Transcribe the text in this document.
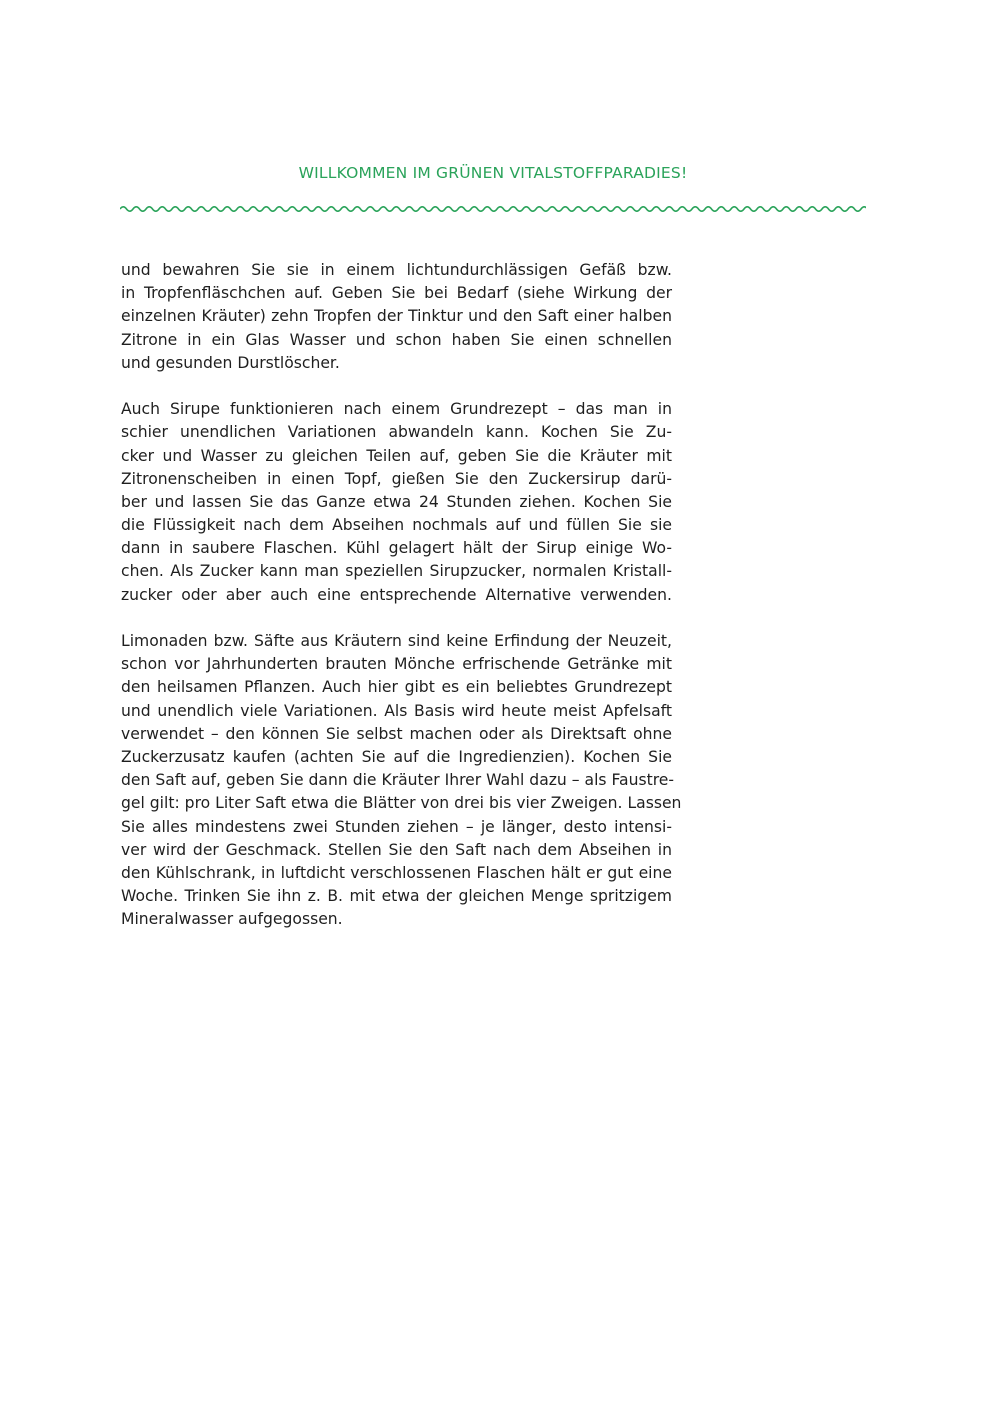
WILLKOMMEN IM GRÜNEN VITALSTOFFPARADIES!
und bewahren Sie sie in einem lichtundurchlässigen Gefäß bzw.
in Tropfenfläschchen auf. Geben Sie bei Bedarf (siehe Wirkung der
einzelnen Kräuter) zehn Tropfen der Tinktur und den Saft einer halben
Zitrone in ein Glas Wasser und schon haben Sie einen schnellen
und gesunden Durstlöscher.
Auch Sirupe funktionieren nach einem Grundrezept – das man in
schier unendlichen Variationen abwandeln kann. Kochen Sie Zu-
cker und Wasser zu gleichen Teilen auf, geben Sie die Kräuter mit
Zitronenscheiben in einen Topf, gießen Sie den Zuckersirup darü-
ber und lassen Sie das Ganze etwa 24 Stunden ziehen. Kochen Sie
die Flüssigkeit nach dem Abseihen nochmals auf und füllen Sie sie
dann in saubere Flaschen. Kühl gelagert hält der Sirup einige Wo-
chen. Als Zucker kann man speziellen Sirupzucker, normalen Kristall-
zucker oder aber auch eine entsprechende Alternative verwenden.
Limonaden bzw. Säfte aus Kräutern sind keine Erfindung der Neuzeit,
schon vor Jahrhunderten brauten Mönche erfrischende Getränke mit
den heilsamen Pflanzen. Auch hier gibt es ein beliebtes Grundrezept
und unendlich viele Variationen. Als Basis wird heute meist Apfelsaft
verwendet – den können Sie selbst machen oder als Direktsaft ohne
Zuckerzusatz kaufen (achten Sie auf die Ingredienzien). Kochen Sie
den Saft auf, geben Sie dann die Kräuter Ihrer Wahl dazu – als Faustre-
gel gilt: pro Liter Saft etwa die Blätter von drei bis vier Zweigen. Lassen
Sie alles mindestens zwei Stunden ziehen – je länger, desto intensi-
ver wird der Geschmack. Stellen Sie den Saft nach dem Abseihen in
den Kühlschrank, in luftdicht verschlossenen Flaschen hält er gut eine
Woche. Trinken Sie ihn z. B. mit etwa der gleichen Menge spritzigem
Mineralwasser aufgegossen.
